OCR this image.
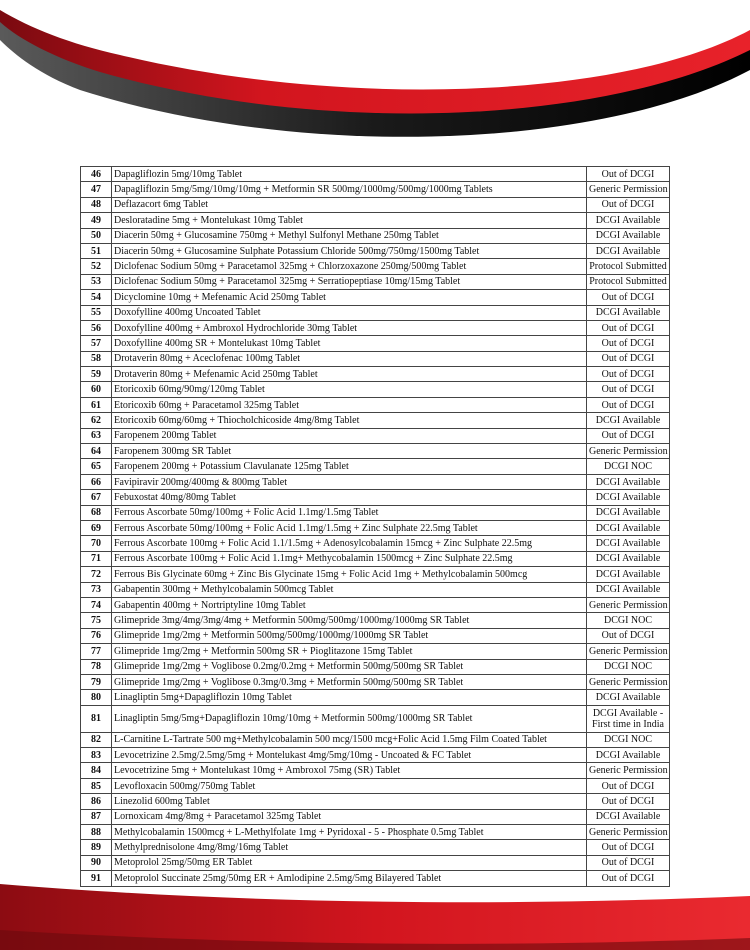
46	Dapagliflozin 5mg/10mg Tablet	Out of DCGI
47	Dapagliflozin 5mg/5mg/10mg/10mg + Metformin SR 500mg/1000mg/500mg/1000mg Tablets	Generic Permission
48	Deflazacort 6mg Tablet	Out of DCGI
49	Desloratadine 5mg + Montelukast 10mg Tablet	DCGI Available
50	Diacerin 50mg + Glucosamine 750mg + Methyl Sulfonyl Methane 250mg Tablet	DCGI Available
51	Diacerin 50mg + Glucosamine Sulphate Potassium Chloride 500mg/750mg/1500mg Tablet	DCGI Available
52	Diclofenac Sodium 50mg + Paracetamol 325mg + Chlorzoxazone 250mg/500mg Tablet	Protocol Submitted
53	Diclofenac Sodium 50mg + Paracetamol 325mg + Serratiopeptiase 10mg/15mg Tablet	Protocol Submitted
54	Dicyclomine 10mg + Mefenamic Acid 250mg Tablet	Out of DCGI
55	Doxofylline 400mg Uncoated Tablet	DCGI Available
56	Doxofylline 400mg + Ambroxol Hydrochloride 30mg Tablet	Out of DCGI
57	Doxofylline 400mg SR + Montelukast 10mg Tablet	Out of DCGI
58	Drotaverin 80mg + Aceclofenac 100mg Tablet	Out of DCGI
59	Drotaverin 80mg + Mefenamic Acid 250mg Tablet	Out of DCGI
60	Etoricoxib 60mg/90mg/120mg Tablet	Out of DCGI
61	Etoricoxib 60mg + Paracetamol 325mg Tablet	Out of DCGI
62	Etoricoxib 60mg/60mg + Thiocholchicoside 4mg/8mg Tablet	DCGI Available
63	Faropenem 200mg Tablet	Out of DCGI
64	Faropenem 300mg SR Tablet	Generic Permission
65	Faropenem 200mg + Potassium Clavulanate 125mg Tablet	DCGI NOC
66	Favipiravir 200mg/400mg & 800mg Tablet	DCGI Available
67	Febuxostat 40mg/80mg Tablet	DCGI Available
68	Ferrous Ascorbate 50mg/100mg + Folic Acid 1.1mg/1.5mg Tablet	DCGI Available
69	Ferrous Ascorbate 50mg/100mg + Folic Acid 1.1mg/1.5mg + Zinc Sulphate 22.5mg Tablet	DCGI Available
70	Ferrous Ascorbate 100mg + Folic Acid 1.1/1.5mg + Adenosylcobalamin 15mcg + Zinc Sulphate 22.5mg	DCGI Available
71	Ferrous Ascorbate 100mg + Folic Acid 1.1mg+ Methycobalamin 1500mcg + Zinc Sulphate 22.5mg	DCGI Available
72	Ferrous Bis Glycinate 60mg + Zinc Bis Glycinate 15mg + Folic Acid 1mg + Methylcobalamin 500mcg	DCGI Available
73	Gabapentin 300mg + Methylcobalamin 500mcg Tablet	DCGI Available
74	Gabapentin 400mg + Nortriptyline 10mg Tablet	Generic Permission
75	Glimepride 3mg/4mg/3mg/4mg + Metformin 500mg/500mg/1000mg/1000mg SR Tablet	DCGI NOC
76	Glimepride 1mg/2mg + Metformin 500mg/500mg/1000mg/1000mg SR Tablet	Out of DCGI
77	Glimepride 1mg/2mg + Metformin 500mg SR + Pioglitazone 15mg Tablet	Generic Permission
78	Glimepride 1mg/2mg + Voglibose 0.2mg/0.2mg + Metformin 500mg/500mg SR Tablet	DCGI NOC
79	Glimepride 1mg/2mg + Voglibose 0.3mg/0.3mg + Metformin 500mg/500mg SR Tablet	Generic Permission
80	Linagliptin 5mg+Dapagliflozin 10mg Tablet	DCGI Available
81	Linagliptin 5mg/5mg+Dapagliflozin 10mg/10mg + Metformin 500mg/1000mg SR Tablet	DCGI Available - First time in India
82	L-Carnitine L-Tartrate 500 mg+Methylcobalamin 500 mcg/1500 mcg+Folic Acid 1.5mg Film Coated Tablet	DCGI NOC
83	Levocetrizine 2.5mg/2.5mg/5mg + Montelukast 4mg/5mg/10mg - Uncoated & FC Tablet	DCGI Available
84	Levocetrizine 5mg + Montelukast 10mg + Ambroxol 75mg (SR) Tablet	Generic Permission
85	Levofloxacin 500mg/750mg Tablet	Out of DCGI
86	Linezolid 600mg Tablet	Out of DCGI
87	Lornoxicam 4mg/8mg + Paracetamol 325mg Tablet	DCGI Available
88	Methylcobalamin 1500mcg + L-Methylfolate 1mg + Pyridoxal - 5 - Phosphate 0.5mg Tablet	Generic Permission
89	Methylprednisolone 4mg/8mg/16mg Tablet	Out of DCGI
90	Metoprolol 25mg/50mg ER Tablet	Out of DCGI
91	Metoprolol Succinate 25mg/50mg ER + Amlodipine 2.5mg/5mg Bilayered Tablet	Out of DCGI
